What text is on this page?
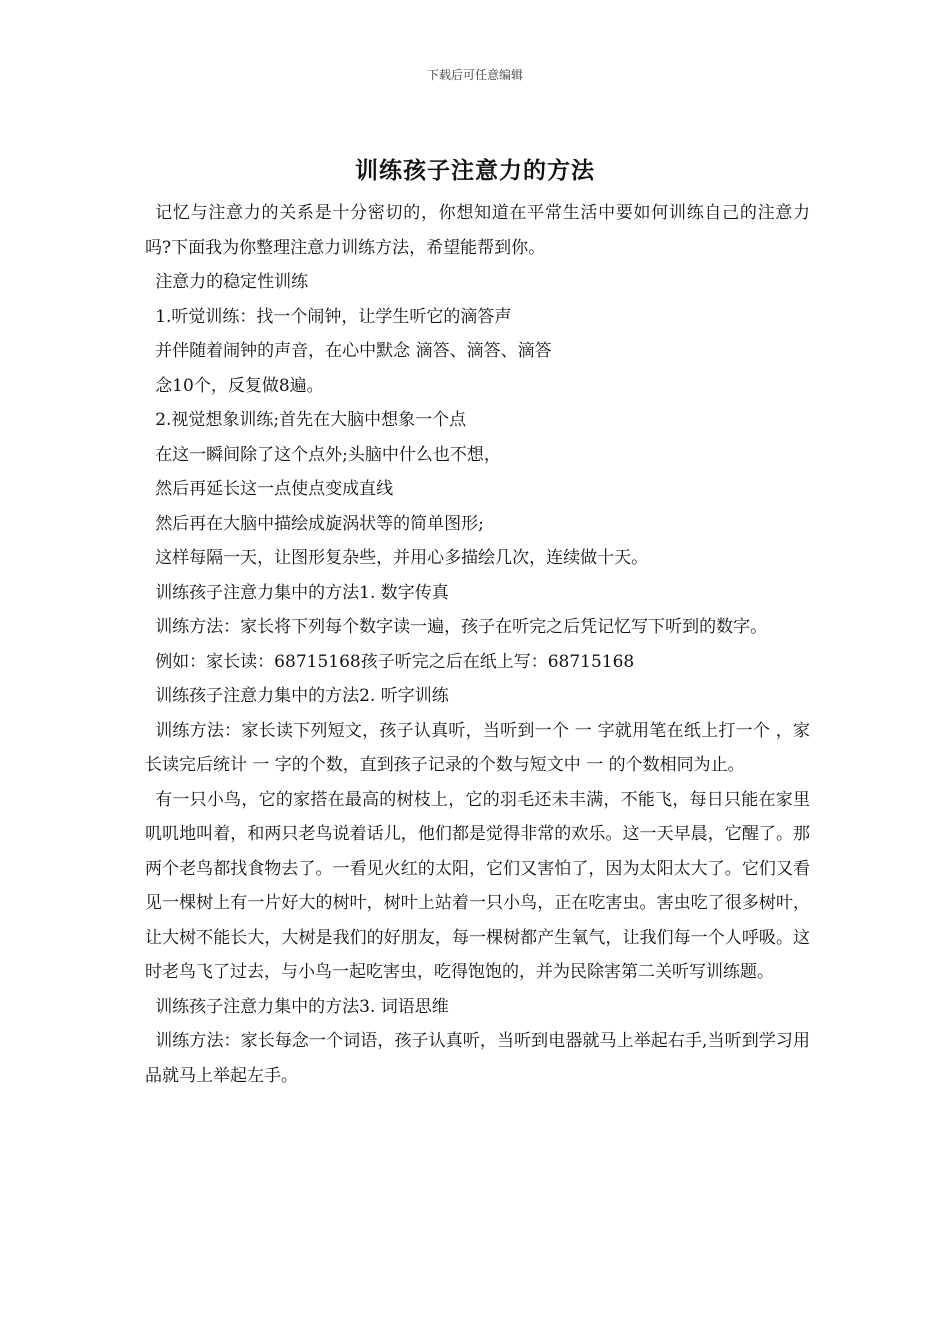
下载后可任意编辑
训练孩子注意力的方法

记忆与注意力的关系是十分密切的，你想知道在平常生活中要如何训练自己的注意力吗?下面我为你整理注意力训练方法，希望能帮到你。

注意力的稳定性训练

1.听觉训练：找一个闹钟，让学生听它的滴答声

并伴随着闹钟的声音，在心中默念 滴答、滴答、滴答

念10个，反复做8遍。

2.视觉想象训练;首先在大脑中想象一个点

在这一瞬间除了这个点外;头脑中什么也不想，

然后再延长这一点使点变成直线

然后再在大脑中描绘成旋涡状等的简单图形;

这样每隔一天，让图形复杂些，并用心多描绘几次，连续做十天。

训练孩子注意力集中的方法1. 数字传真

训练方法：家长将下列每个数字读一遍，孩子在听完之后凭记忆写下听到的数字。

例如：家长读：68715168孩子听完之后在纸上写：68715168

训练孩子注意力集中的方法2. 听字训练

训练方法：家长读下列短文，孩子认真听，当听到一个 一 字就用笔在纸上打一个 ，家长读完后统计 一 字的个数，直到孩子记录的个数与短文中 一 的个数相同为止。

有一只小鸟，它的家搭在最高的树枝上，它的羽毛还未丰满，不能飞，每日只能在家里叽叽地叫着，和两只老鸟说着话儿，他们都是觉得非常的欢乐。这一天早晨，它醒了。那两个老鸟都找食物去了。一看见火红的太阳，它们又害怕了，因为太阳太大了。它们又看见一棵树上有一片好大的树叶，树叶上站着一只小鸟，正在吃害虫。害虫吃了很多树叶，让大树不能长大，大树是我们的好朋友，每一棵树都产生氧气，让我们每一个人呼吸。这时老鸟飞了过去，与小鸟一起吃害虫，吃得饱饱的，并为民除害第二关听写训练题。

训练孩子注意力集中的方法3. 词语思维

训练方法：家长每念一个词语，孩子认真听，当听到电器就马上举起右手,当听到学习用品就马上举起左手。
